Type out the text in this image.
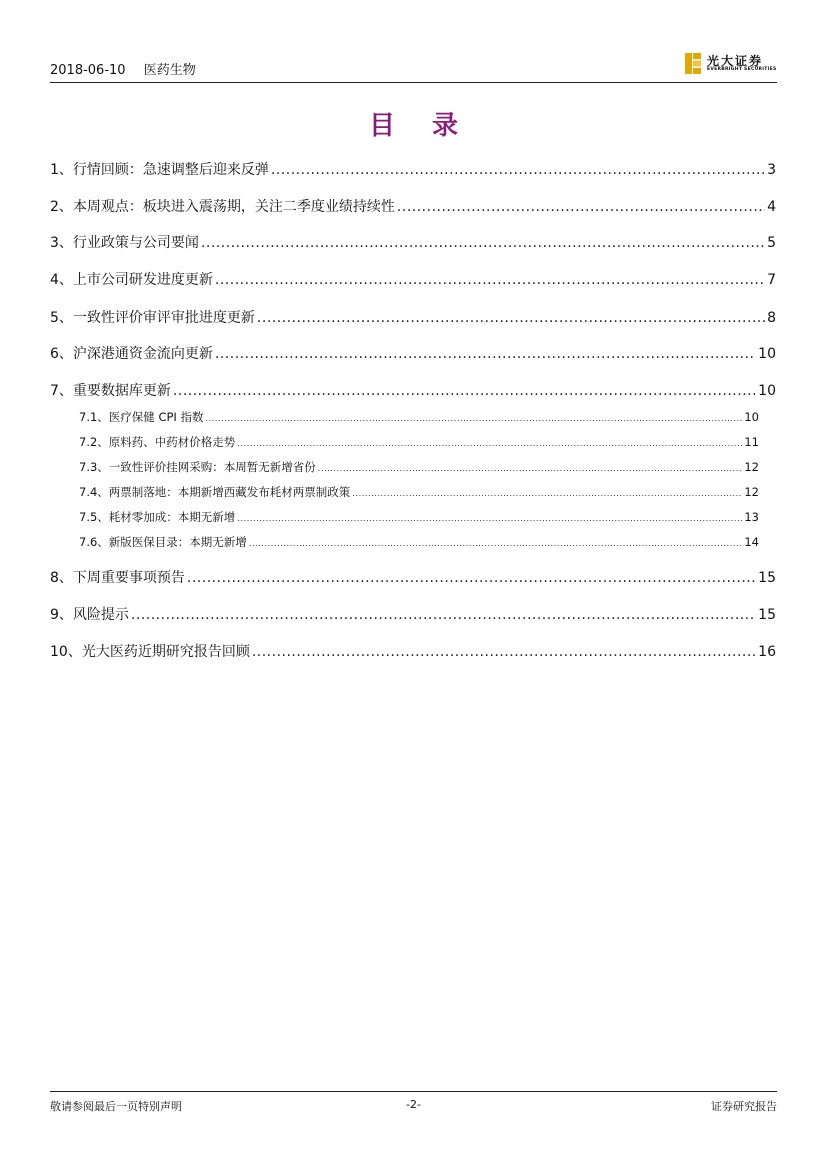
2018-06-10 医药生物
光大证券
EVERBRIGHT SECURITIES
目 录
1、 行情回顾：急速调整后迎来反弹 .....	3
2、 本周观点：板块进入震荡期，关注二季度业绩持续性 .....	4
3、 行业政策与公司要闻 .....	5
4、 上市公司研发进度更新 .....	7
5、 一致性评价审评审批进度更新 .....	8
6、 沪深港通资金流向更新 .....	10
7、 重要数据库更新 .....	10
7.1、 医疗保健 CPI 指数 .....	10
7.2、 原料药、中药材价格走势 .....	11
7.3、 一致性评价挂网采购：本周暂无新增省份 .....	12
7.4、 两票制落地：本期新增西藏发布耗材两票制政策 .....	12
7.5、 耗材零加成：本期无新增 .....	13
7.6、 新版医保目录：本期无新增 .....	14
8、 下周重要事项预告 .....	15
9、 风险提示 .....	15
10、 光大医药近期研究报告回顾 .....	16
敬请参阅最后一页特别声明	-2-	证券研究报告
